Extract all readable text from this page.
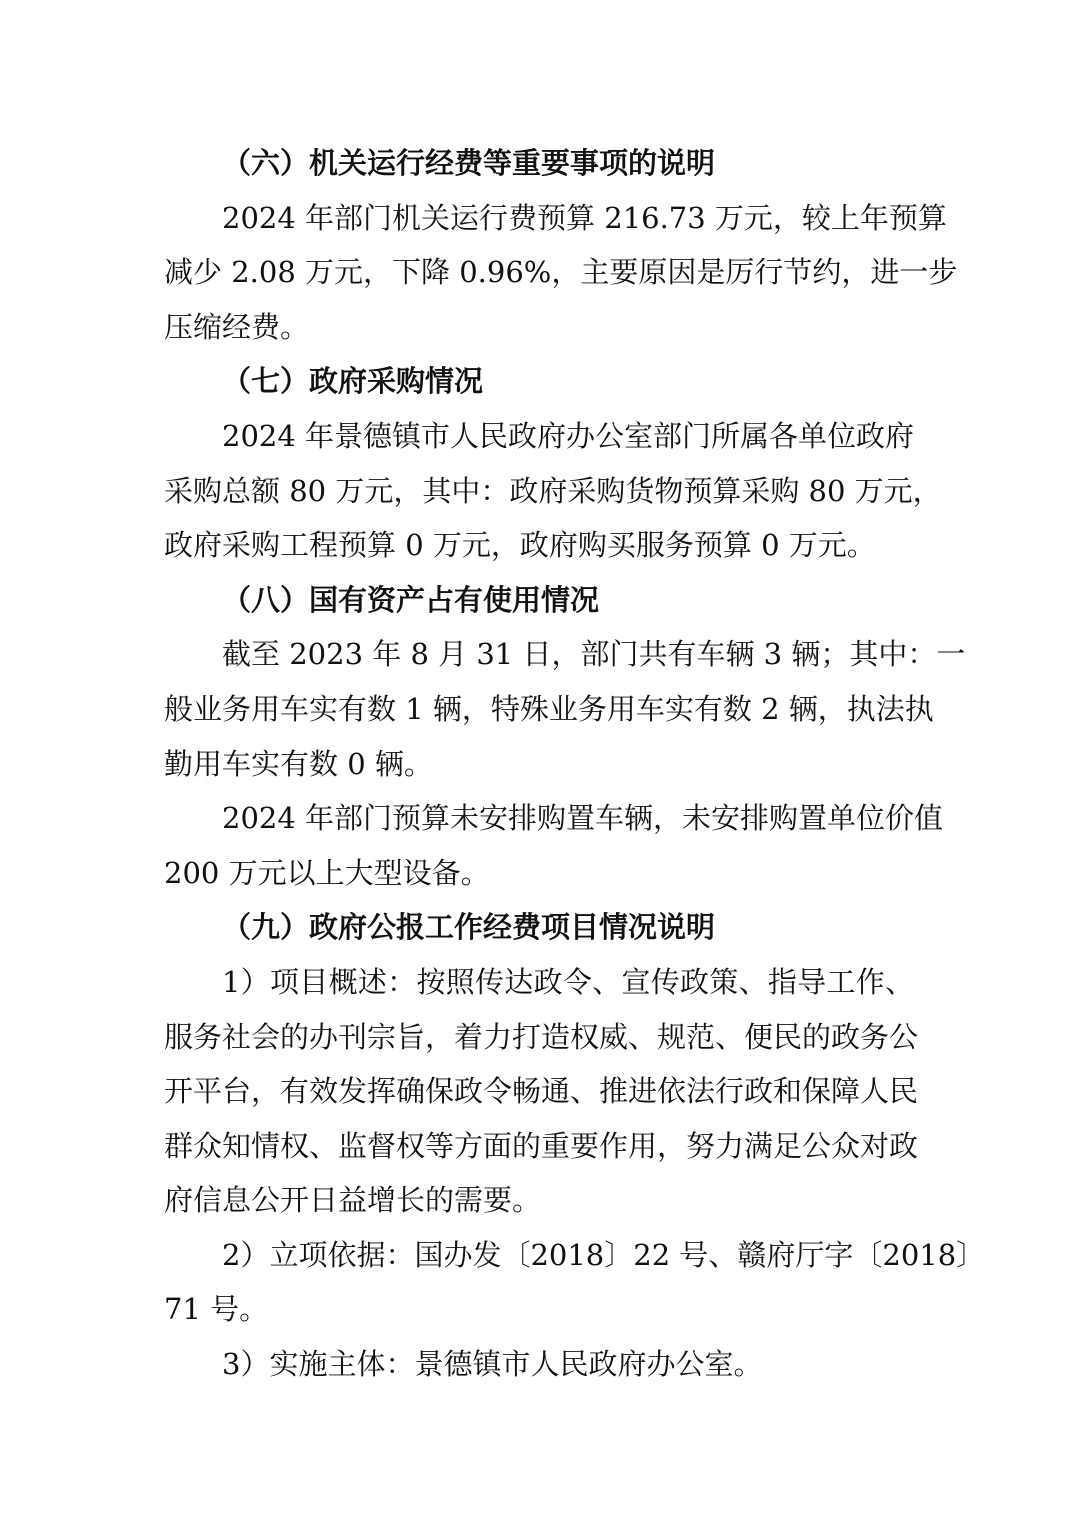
（六）机关运行经费等重要事项的说明
2024 年部门机关运行费预算 216.73 万元，较上年预算
减少 2.08 万元，下降 0.96%，主要原因是厉行节约，进一步
压缩经费。
（七）政府采购情况
2024 年景德镇市人民政府办公室部门所属各单位政府
采购总额 80 万元，其中：政府采购货物预算采购 80 万元，
政府采购工程预算 0 万元，政府购买服务预算 0 万元。
（八）国有资产占有使用情况
截至 2023 年 8 月 31 日，部门共有车辆 3 辆；其中：一
般业务用车实有数 1 辆，特殊业务用车实有数 2 辆，执法执
勤用车实有数 0 辆。
2024 年部门预算未安排购置车辆，未安排购置单位价值
200 万元以上大型设备。
（九）政府公报工作经费项目情况说明
1）项目概述：按照传达政令、宣传政策、指导工作、
服务社会的办刊宗旨，着力打造权威、规范、便民的政务公
开平台，有效发挥确保政令畅通、推进依法行政和保障人民
群众知情权、监督权等方面的重要作用，努力满足公众对政
府信息公开日益增长的需要。
2）立项依据：国办发〔2018〕22 号、赣府厅字〔2018〕
71 号。
3）实施主体：景德镇市人民政府办公室。
